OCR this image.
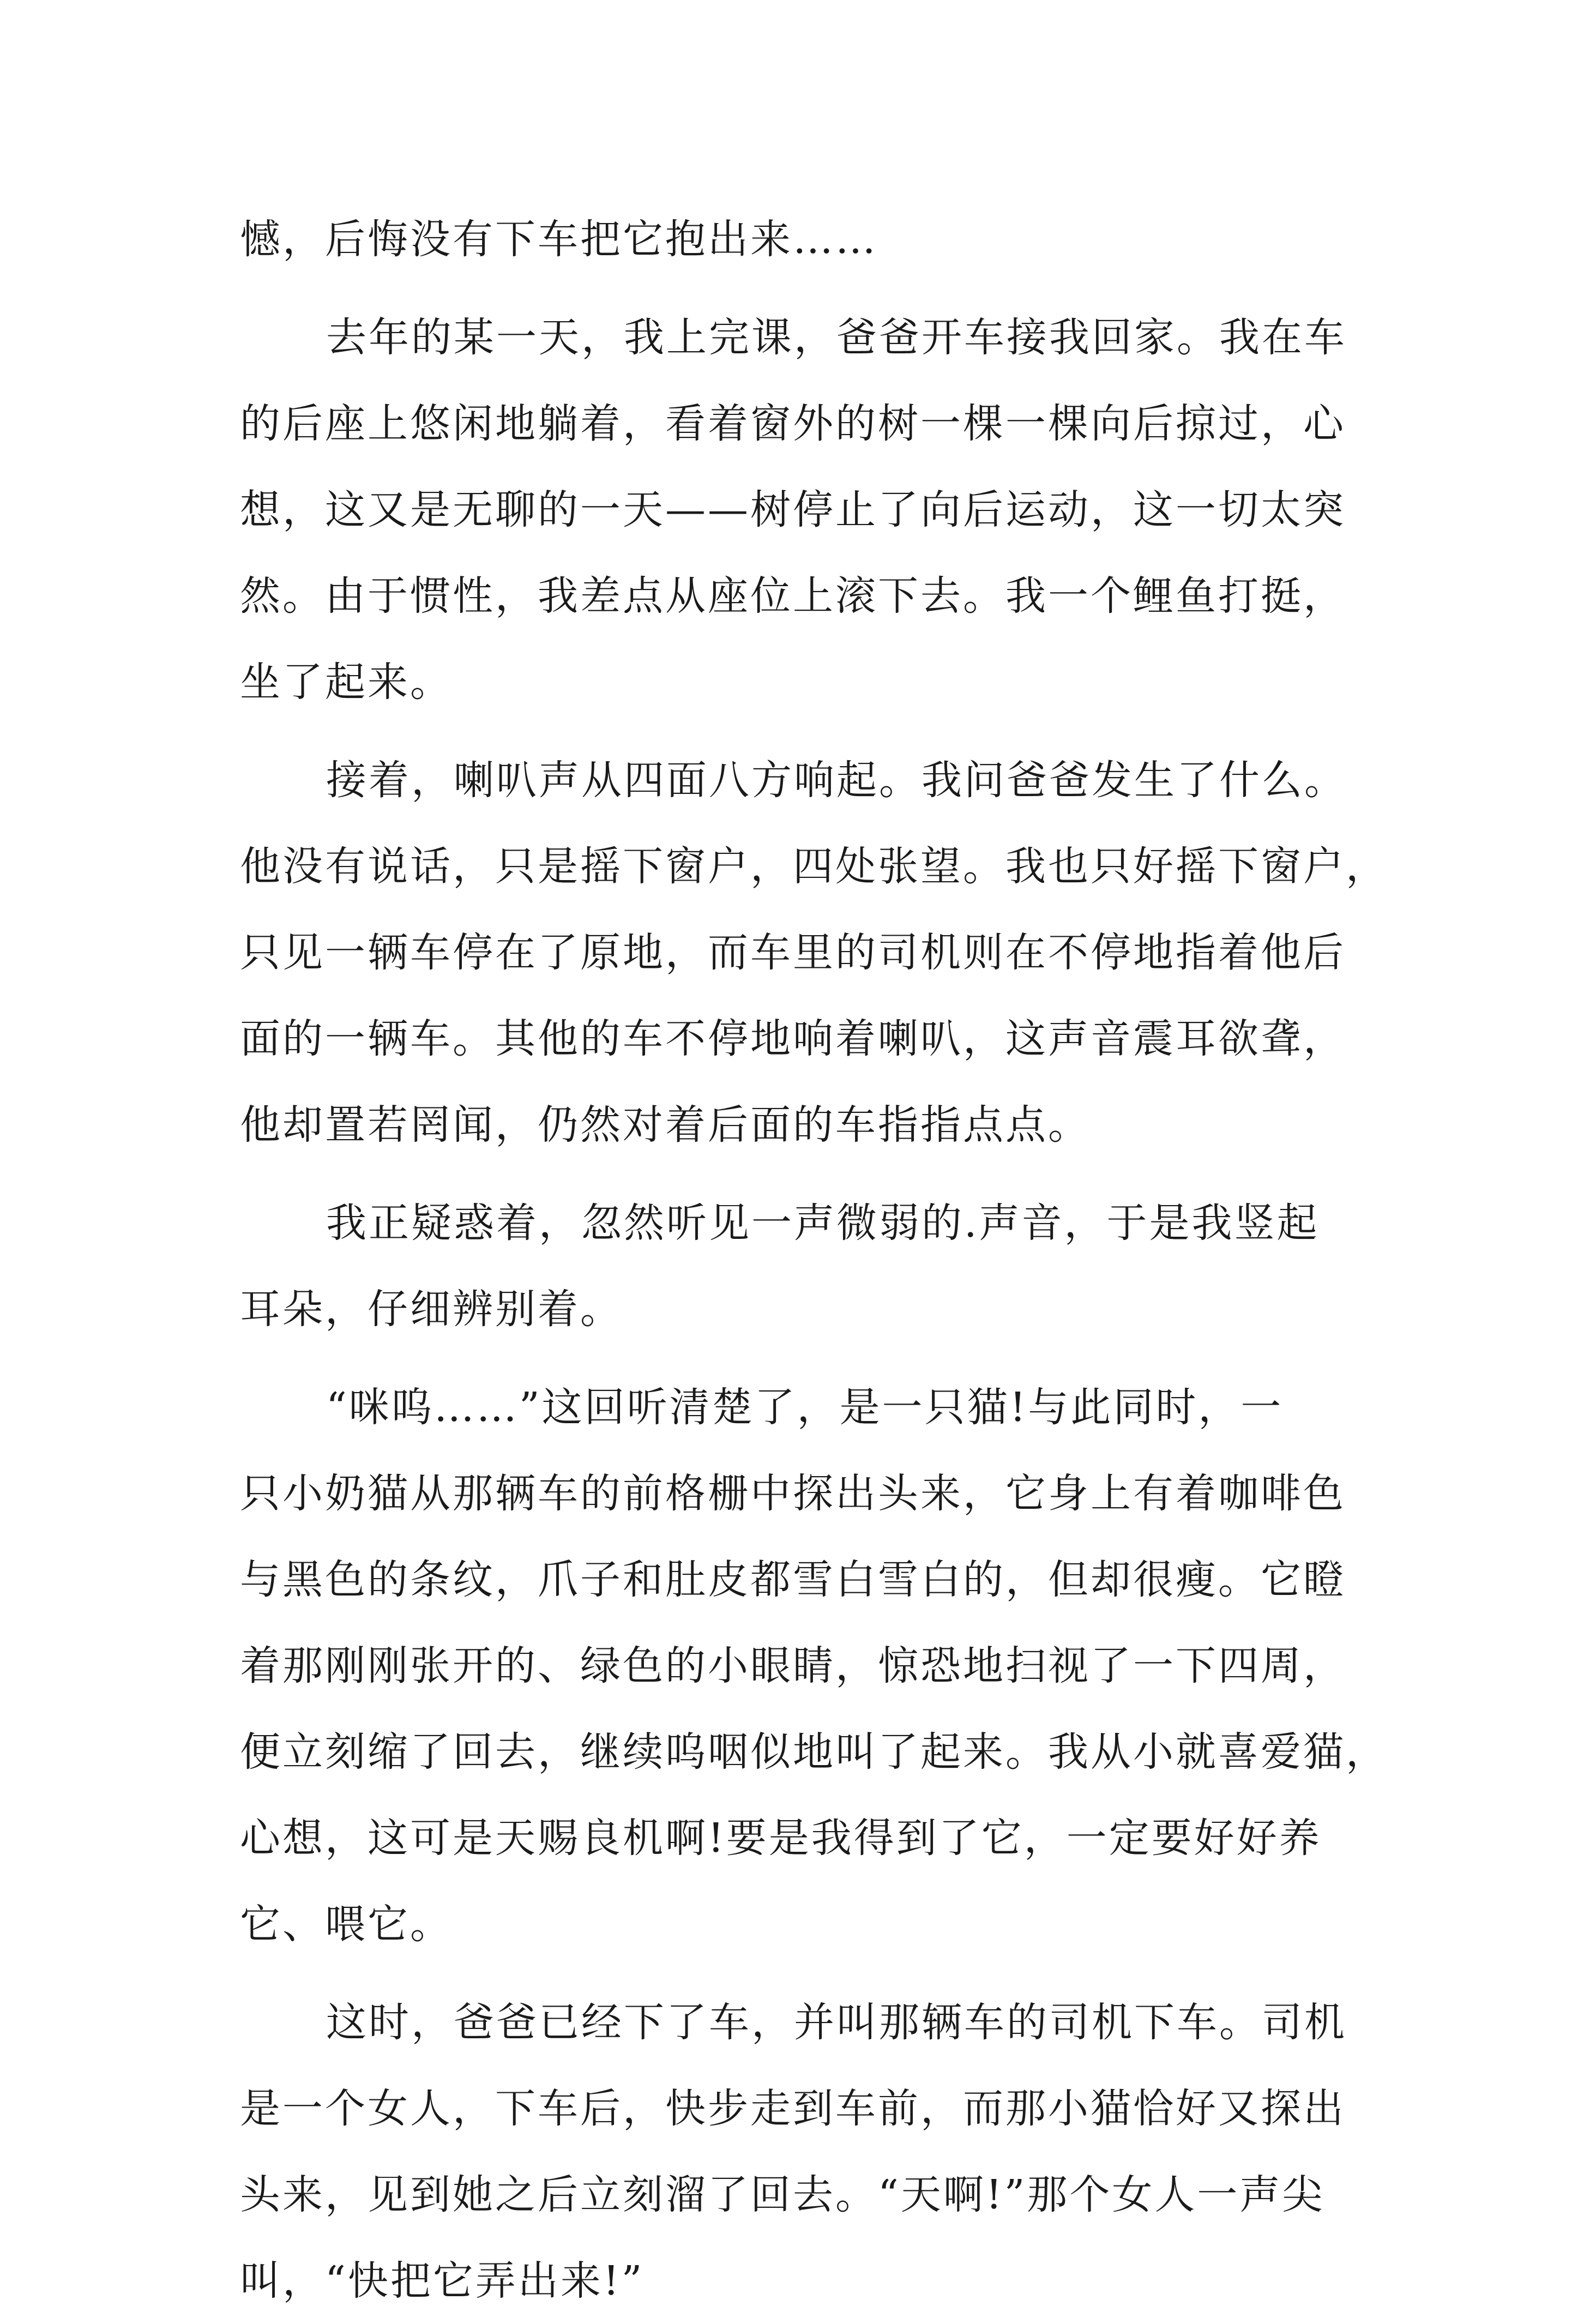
憾，后悔没有下车把它抱出来……
去年的某一天，我上完课，爸爸开车接我回家。我在车
的后座上悠闲地躺着，看着窗外的树一棵一棵向后掠过，心
想，这又是无聊的一天——树停止了向后运动，这一切太突
然。由于惯性，我差点从座位上滚下去。我一个鲤鱼打挺，
坐了起来。
接着，喇叭声从四面八方响起。我问爸爸发生了什么。
他没有说话，只是摇下窗户，四处张望。我也只好摇下窗户，
只见一辆车停在了原地，而车里的司机则在不停地指着他后
面的一辆车。其他的车不停地响着喇叭，这声音震耳欲聋，
他却置若罔闻，仍然对着后面的车指指点点。
我正疑惑着，忽然听见一声微弱的.声音，于是我竖起
耳朵，仔细辨别着。
“咪呜……”这回听清楚了，是一只猫!与此同时，一
只小奶猫从那辆车的前格栅中探出头来，它身上有着咖啡色
与黑色的条纹，爪子和肚皮都雪白雪白的，但却很瘦。它瞪
着那刚刚张开的、绿色的小眼睛，惊恐地扫视了一下四周，
便立刻缩了回去，继续呜咽似地叫了起来。我从小就喜爱猫，
心想，这可是天赐良机啊!要是我得到了它，一定要好好养
它、喂它。
这时，爸爸已经下了车，并叫那辆车的司机下车。司机
是一个女人，下车后，快步走到车前，而那小猫恰好又探出
头来，见到她之后立刻溜了回去。“天啊!”那个女人一声尖
叫，“快把它弄出来!”
